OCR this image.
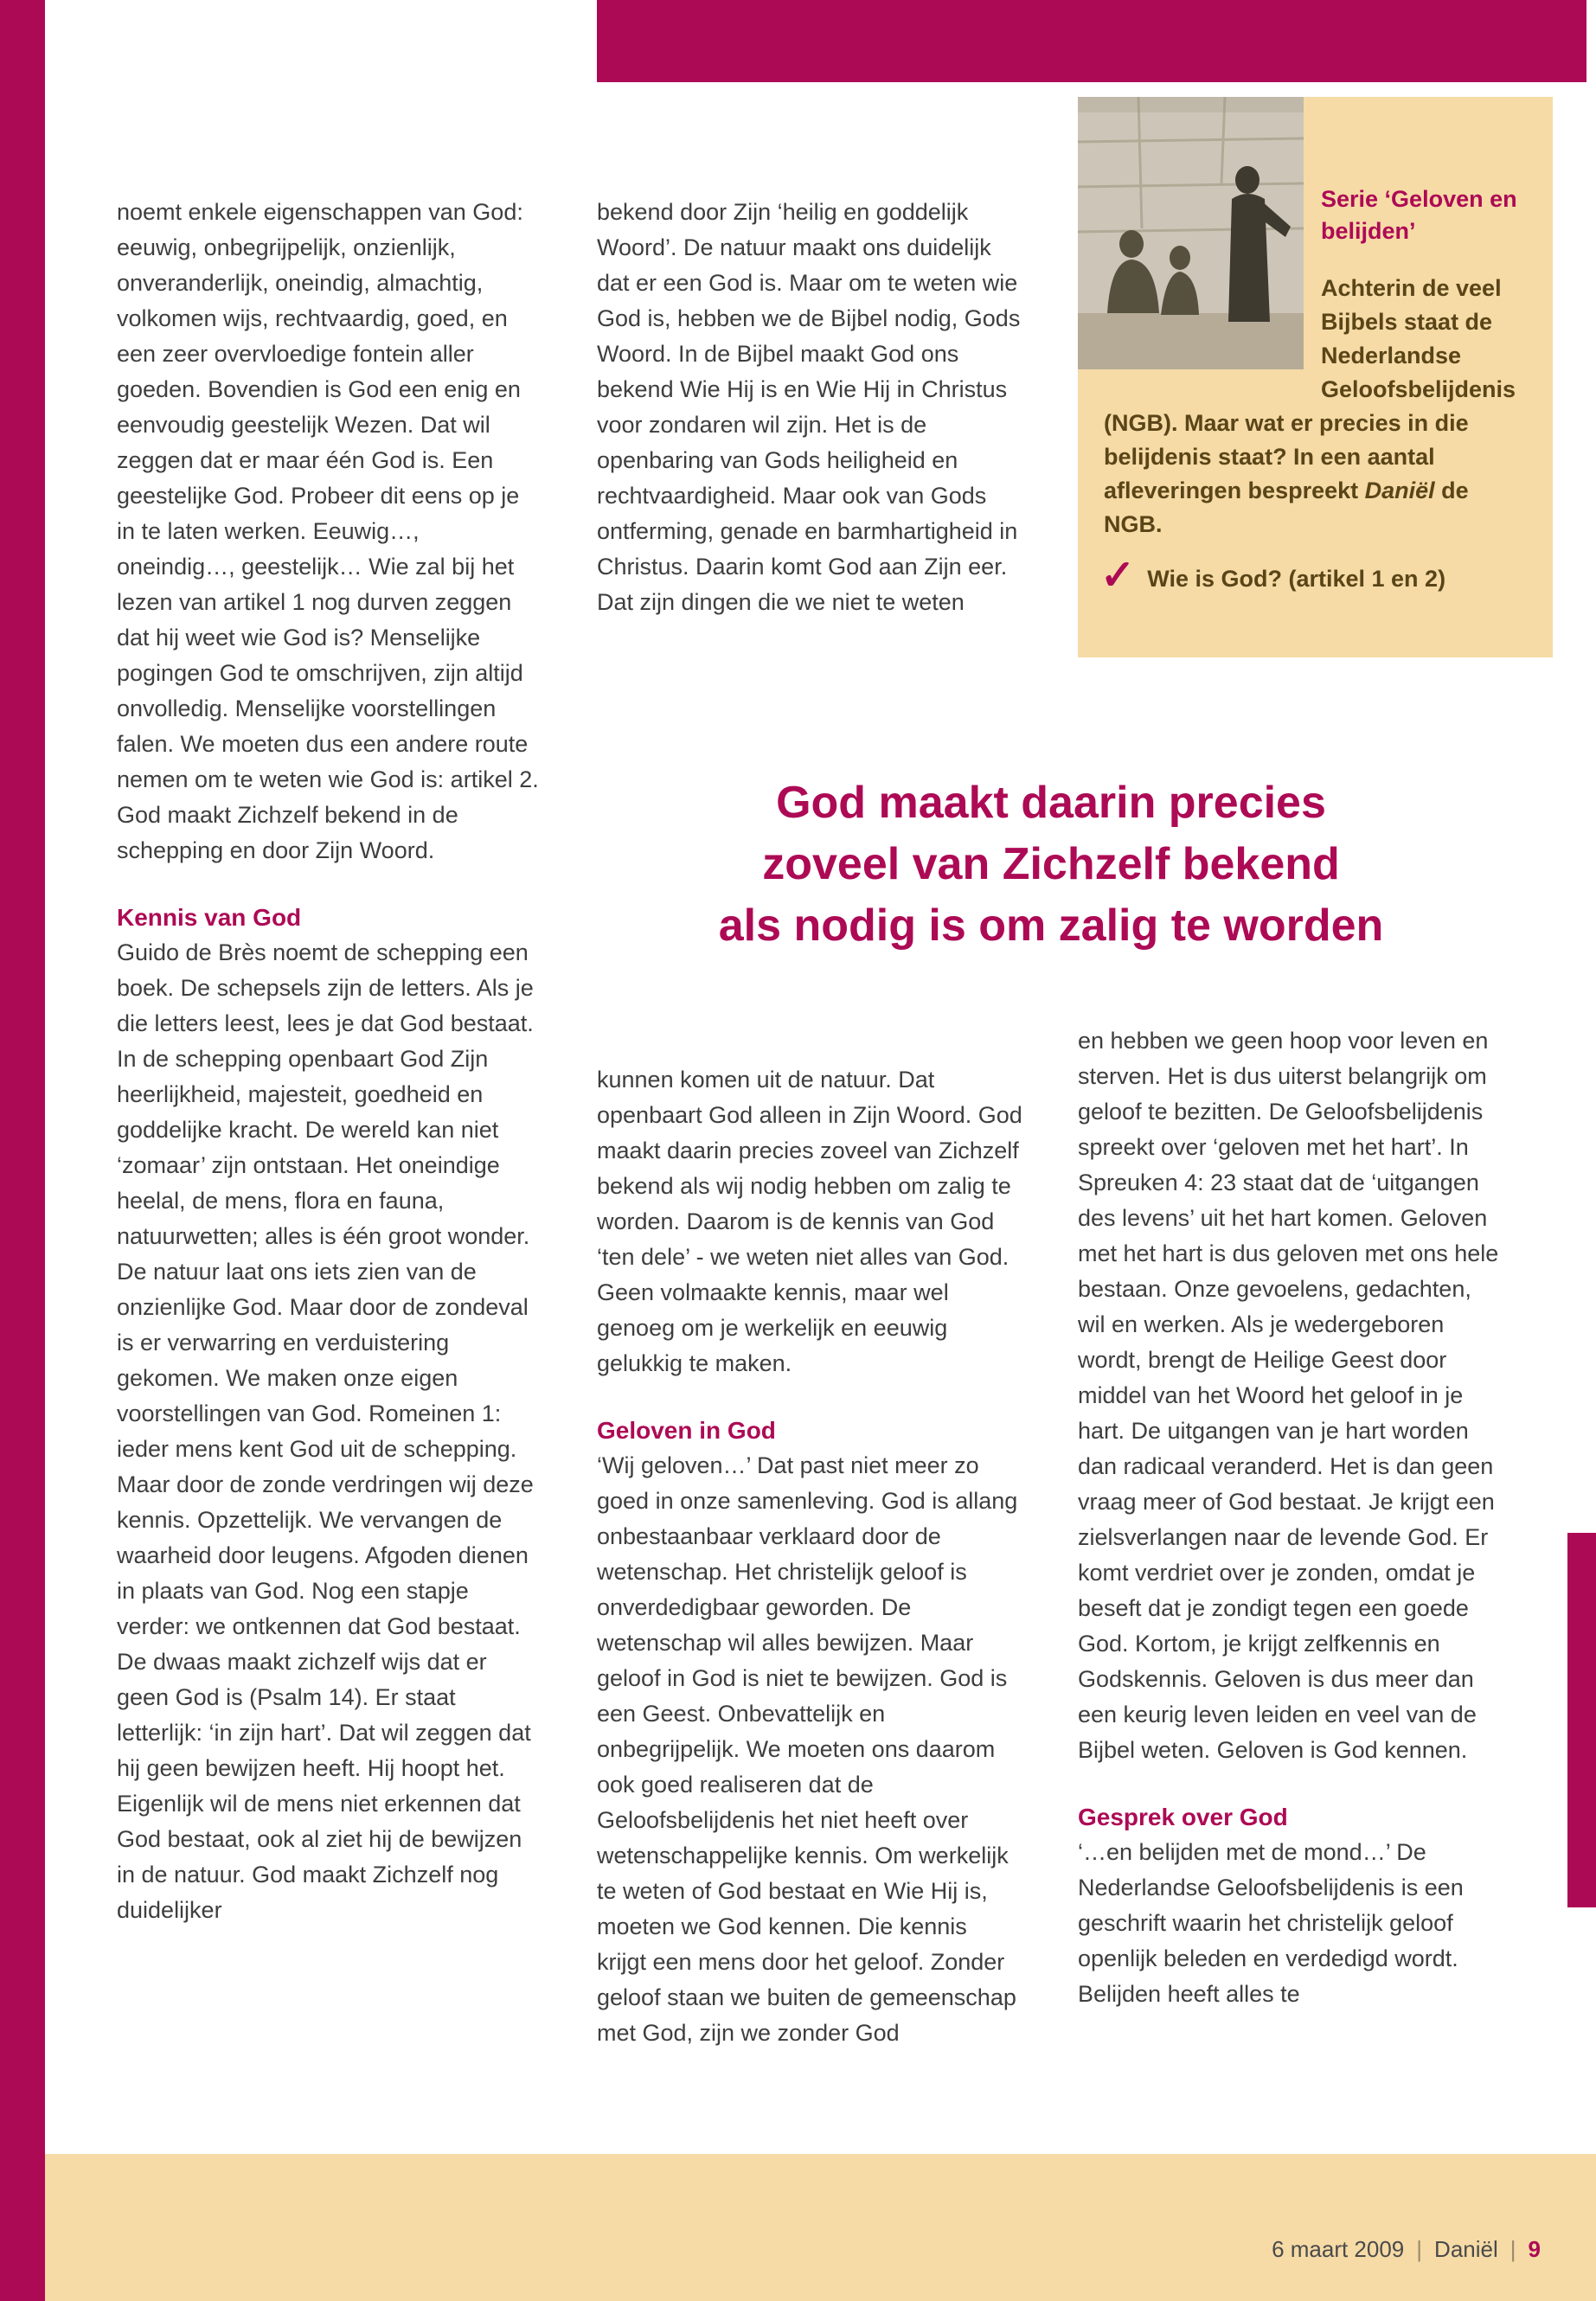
Serie ‘Geloven en belijden’

Achterin de veel Bijbels staat de Nederlandse Geloofsbelijdenis (NGB). Maar wat er precies in die belijdenis staat? In een aantal afleveringen bespreekt Daniël de NGB.

✓ Wie is God? (artikel 1 en 2)
God maakt daarin precies
zoveel van Zichzelf bekend
als nodig is om zalig te worden

noemt enkele eigenschappen van God: eeuwig, onbegrijpelijk, onzienlijk, onveranderlijk, oneindig, almachtig, volkomen wijs, rechtvaardig, goed, en een zeer overvloedige fontein aller goeden. Bovendien is God een enig en eenvoudig geestelijk Wezen. Dat wil zeggen dat er maar één God is. Een geestelijke God. Probeer dit eens op je in te laten werken. Eeuwig…, oneindig…, geestelijk… Wie zal bij het lezen van artikel 1 nog durven zeggen dat hij weet wie God is? Menselijke pogingen God te omschrijven, zijn altijd onvolledig. Menselijke voorstellingen falen. We moeten dus een andere route nemen om te weten wie God is: artikel 2. God maakt Zichzelf bekend in de schepping en door Zijn Woord.

Kennis van God

Guido de Brès noemt de schepping een boek. De schepsels zijn de letters. Als je die letters leest, lees je dat God bestaat. In de schepping openbaart God Zijn heerlijkheid, majesteit, goedheid en goddelijke kracht. De wereld kan niet ‘zomaar’ zijn ontstaan. Het oneindige heelal, de mens, flora en fauna, natuurwetten; alles is één groot wonder. De natuur laat ons iets zien van de onzienlijke God. Maar door de zondeval is er verwarring en verduistering gekomen. We maken onze eigen voorstellingen van God. Romeinen 1: ieder mens kent God uit de schepping. Maar door de zonde verdringen wij deze kennis. Opzettelijk. We vervangen de waarheid door leugens. Afgoden dienen in plaats van God. Nog een stapje verder: we ontkennen dat God bestaat. De dwaas maakt zichzelf wijs dat er geen God is (Psalm 14). Er staat letterlijk: ‘in zijn hart’. Dat wil zeggen dat hij geen bewijzen heeft. Hij hoopt het. Eigenlijk wil de mens niet erkennen dat God bestaat, ook al ziet hij de bewijzen in de natuur. God maakt Zichzelf nog duidelijker

bekend door Zijn ‘heilig en goddelijk Woord’. De natuur maakt ons duidelijk dat er een God is. Maar om te weten wie God is, hebben we de Bijbel nodig, Gods Woord. In de Bijbel maakt God ons bekend Wie Hij is en Wie Hij in Christus voor zondaren wil zijn. Het is de openbaring van Gods heiligheid en rechtvaardigheid. Maar ook van Gods ontferming, genade en barmhartigheid in Christus. Daarin komt God aan Zijn eer. Dat zijn dingen die we niet te weten

kunnen komen uit de natuur. Dat openbaart God alleen in Zijn Woord. God maakt daarin precies zoveel van Zichzelf bekend als wij nodig hebben om zalig te worden. Daarom is de kennis van God ‘ten dele’ - we weten niet alles van God. Geen volmaakte kennis, maar wel genoeg om je werkelijk en eeuwig gelukkig te maken.

Geloven in God

‘Wij geloven…’ Dat past niet meer zo goed in onze samenleving. God is allang onbestaanbaar verklaard door de wetenschap. Het christelijk geloof is onverdedigbaar geworden. De wetenschap wil alles bewijzen. Maar geloof in God is niet te bewijzen. God is een Geest. Onbevattelijk en onbegrijpelijk. We moeten ons daarom ook goed realiseren dat de Geloofsbelijdenis het niet heeft over wetenschappelijke kennis. Om werkelijk te weten of God bestaat en Wie Hij is, moeten we God kennen. Die kennis krijgt een mens door het geloof. Zonder geloof staan we buiten de gemeenschap met God, zijn we zonder God

en hebben we geen hoop voor leven en sterven. Het is dus uiterst belangrijk om geloof te bezitten. De Geloofsbelijdenis spreekt over ‘geloven met het hart’. In Spreuken 4: 23 staat dat de ‘uitgangen des levens’ uit het hart komen. Geloven met het hart is dus geloven met ons hele bestaan. Onze gevoelens, gedachten, wil en werken. Als je wedergeboren wordt, brengt de Heilige Geest door middel van het Woord het geloof in je hart. De uitgangen van je hart worden dan radicaal veranderd. Het is dan geen vraag meer of God bestaat. Je krijgt een zielsverlangen naar de levende God. Er komt verdriet over je zonden, omdat je beseft dat je zondigt tegen een goede God. Kortom, je krijgt zelfkennis en Godskennis. Geloven is dus meer dan een keurig leven leiden en veel van de Bijbel weten. Geloven is God kennen.

Gesprek over God

‘…en belijden met de mond…’ De Nederlandse Geloofsbelijdenis is een geschrift waarin het christelijk geloof openlijk beleden en verdedigd wordt. Belijden heeft alles te

6 maart 2009 | Daniël | 9
